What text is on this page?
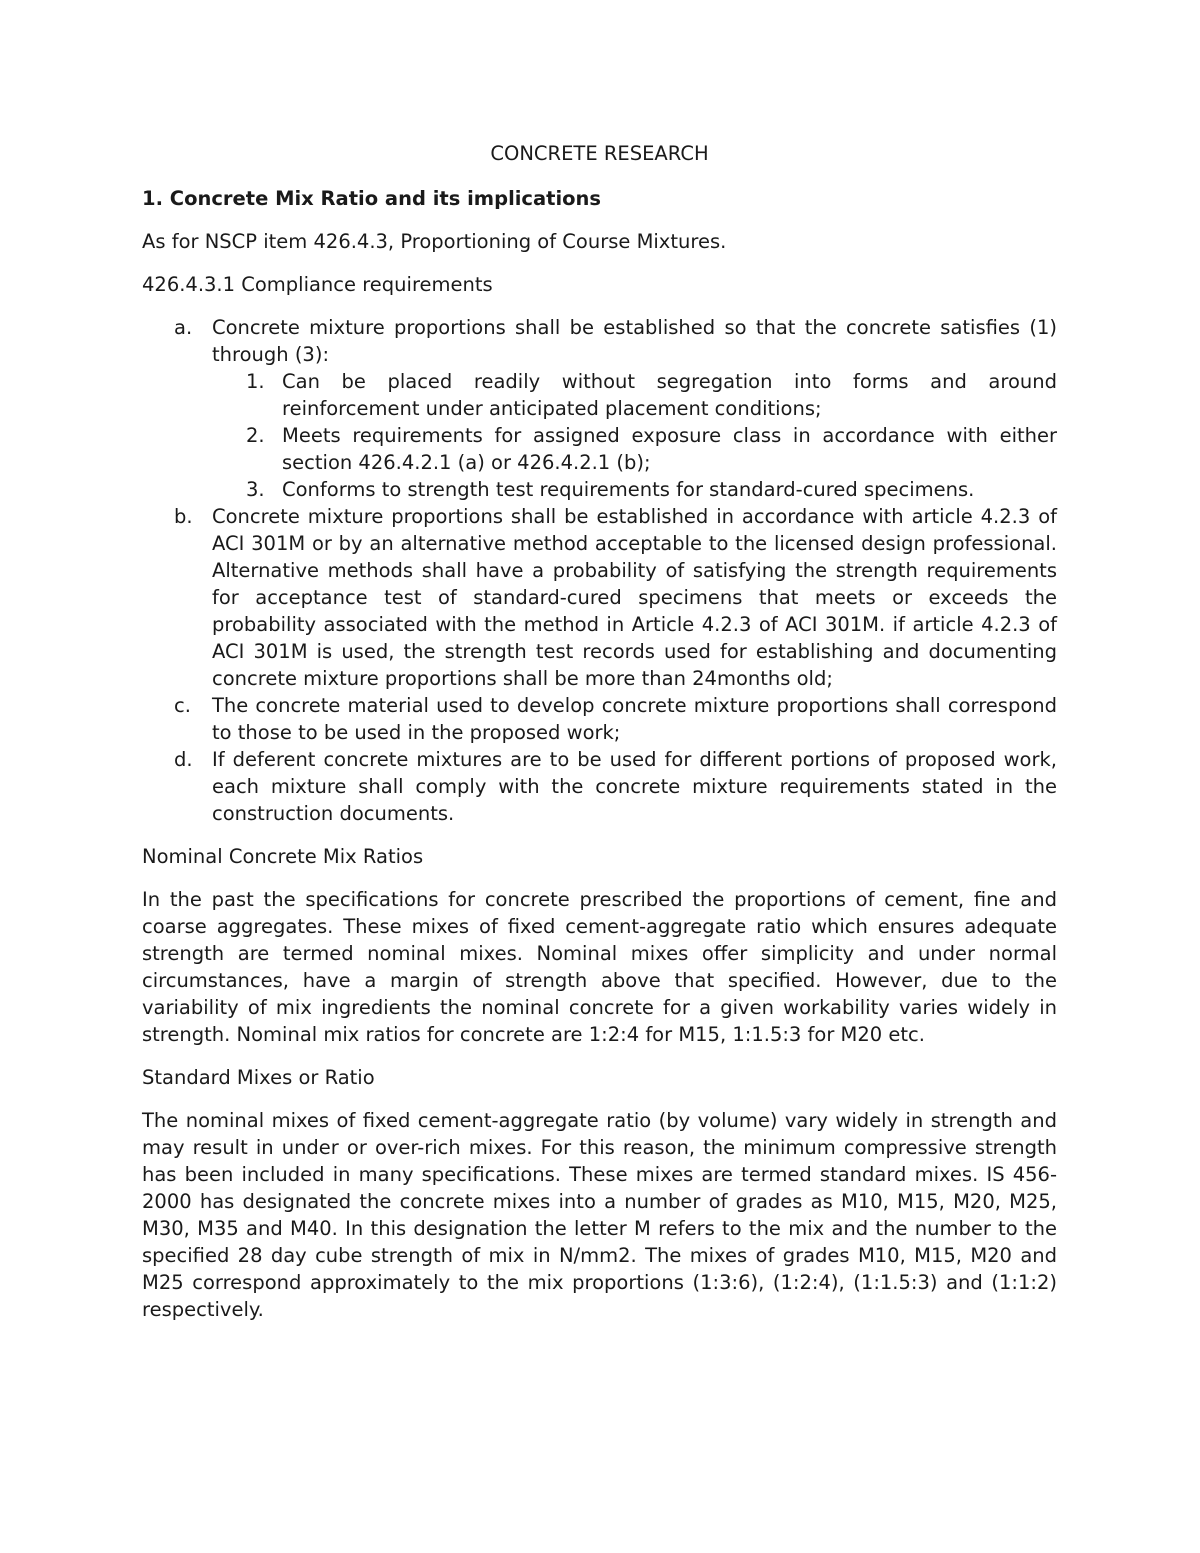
CONCRETE RESEARCH
1. Concrete Mix Ratio and its implications
As for NSCP item 426.4.3, Proportioning of Course Mixtures.
426.4.3.1 Compliance requirements
a. Concrete mixture proportions shall be established so that the concrete satisfies (1) through (3):
1. Can be placed readily without segregation into forms and around reinforcement under anticipated placement conditions;
2. Meets requirements for assigned exposure class in accordance with either section 426.4.2.1 (a) or 426.4.2.1 (b);
3. Conforms to strength test requirements for standard-cured specimens.
b. Concrete mixture proportions shall be established in accordance with article 4.2.3 of ACI 301M or by an alternative method acceptable to the licensed design professional. Alternative methods shall have a probability of satisfying the strength requirements for acceptance test of standard-cured specimens that meets or exceeds the probability associated with the method in Article 4.2.3 of ACI 301M. if article 4.2.3 of ACI 301M is used, the strength test records used for establishing and documenting concrete mixture proportions shall be more than 24months old;
c. The concrete material used to develop concrete mixture proportions shall correspond to those to be used in the proposed work;
d. If deferent concrete mixtures are to be used for different portions of proposed work, each mixture shall comply with the concrete mixture requirements stated in the construction documents.
Nominal Concrete Mix Ratios
In the past the specifications for concrete prescribed the proportions of cement, fine and coarse aggregates. These mixes of fixed cement-aggregate ratio which ensures adequate strength are termed nominal mixes. Nominal mixes offer simplicity and under normal circumstances, have a margin of strength above that specified. However, due to the variability of mix ingredients the nominal concrete for a given workability varies widely in strength. Nominal mix ratios for concrete are 1:2:4 for M15, 1:1.5:3 for M20 etc.
Standard Mixes or Ratio
The nominal mixes of fixed cement-aggregate ratio (by volume) vary widely in strength and may result in under or over-rich mixes. For this reason, the minimum compressive strength has been included in many specifications. These mixes are termed standard mixes. IS 456-2000 has designated the concrete mixes into a number of grades as M10, M15, M20, M25, M30, M35 and M40. In this designation the letter M refers to the mix and the number to the specified 28 day cube strength of mix in N/mm2. The mixes of grades M10, M15, M20 and M25 correspond approximately to the mix proportions (1:3:6), (1:2:4), (1:1.5:3) and (1:1:2) respectively.
